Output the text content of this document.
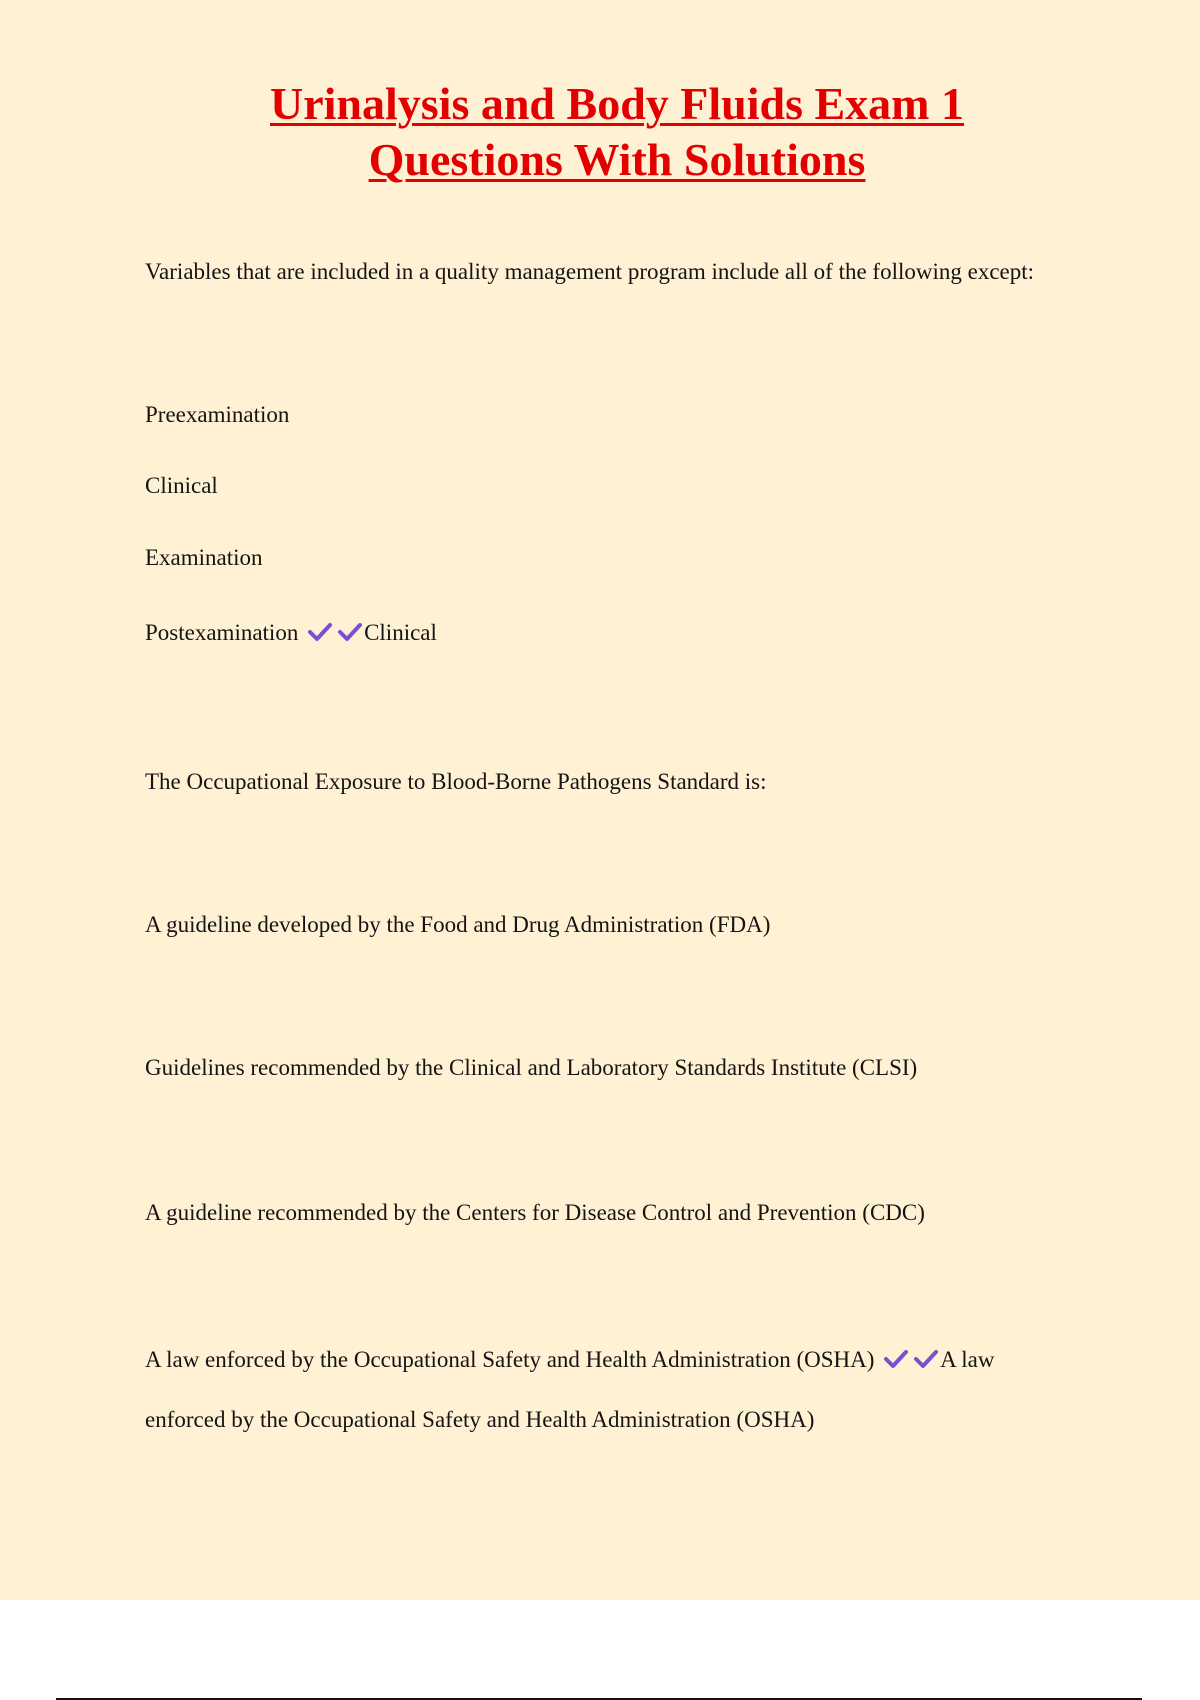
Urinalysis and Body Fluids Exam 1
Questions With Solutions

Variables that are included in a quality management program include all of the following except:

Preexamination

Clinical

Examination

Postexamination	Clinical

The Occupational Exposure to Blood-Borne Pathogens Standard is:

A guideline developed by the Food and Drug Administration (FDA)

Guidelines recommended by the Clinical and Laboratory Standards Institute (CLSI)

A guideline recommended by the Centers for Disease Control and Prevention (CDC)

A law enforced by the Occupational Safety and Health Administration (OSHA)	A law

enforced by the Occupational Safety and Health Administration (OSHA)
